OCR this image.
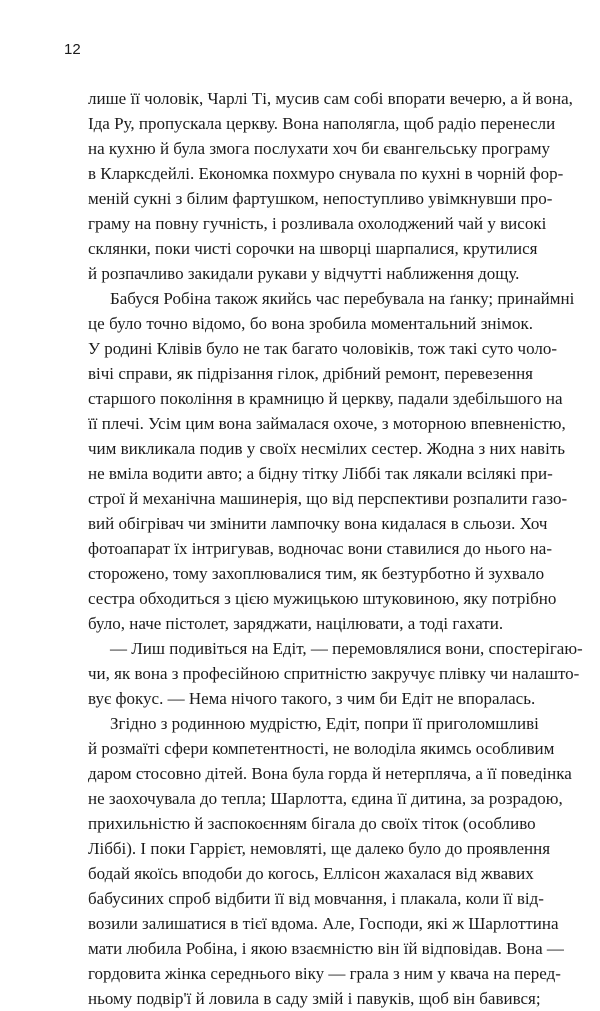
12
лише її чоловік, Чарлі Ті, мусив сам собі впорати вечерю, а й вона,
Іда Ру, пропускала церкву. Вона наполягла, щоб радіо перенесли
на кухню й була змога послухати хоч би євангельську програму
в Кларксдейлі. Економка похмуро снувала по кухні в чорній фор-
меній сукні з білим фартушком, непоступливо увімкнувши про-
граму на повну гучність, і розливала охолоджений чай у високі
склянки, поки чисті сорочки на шворці шарпалися, крутилися
й розпачливо закидали рукави у відчутті наближення дощу.
Бабуся Робіна також якийсь час перебувала на ґанку; принаймні
це було точно відомо, бо вона зробила моментальний знімок.
У родині Клівів було не так багато чоловіків, тож такі суто чоло-
вічі справи, як підрізання гілок, дрібний ремонт, перевезення
старшого покоління в крамницю й церкву, падали здебільшого на
її плечі. Усім цим вона займалася охоче, з моторною впевненістю,
чим викликала подив у своїх несмілих сестер. Жодна з них навіть
не вміла водити авто; а бідну тітку Ліббі так лякали всілякі при-
строї й механічна машинерія, що від перспективи розпалити газо-
вий обігрівач чи змінити лампочку вона кидалася в сльози. Хоч
фотоапарат їх інтригував, водночас вони ставилися до нього на-
сторожено, тому захоплювалися тим, як безтурботно й зухвало
сестра обходиться з цією мужицькою штуковиною, яку потрібно
було, наче пістолет, заряджати, націлювати, а тоді гахати.
— Лиш подивіться на Едіт, — перемовлялися вони, спостерігаю-
чи, як вона з професійною спритністю закручує плівку чи налашто-
вує фокус. — Нема нічого такого, з чим би Едіт не впоралась.
Згідно з родинною мудрістю, Едіт, попри її приголомшливі
й розмаїті сфери компетентності, не володіла якимсь особливим
даром стосовно дітей. Вона була горда й нетерпляча, а її поведінка
не заохочувала до тепла; Шарлотта, єдина її дитина, за розрадою,
прихильністю й заспокоєнням бігала до своїх тіток (особливо
Ліббі). І поки Гаррієт, немовляті, ще далеко було до проявлення
бодай якоїсь вподоби до когось, Еллісон жахалася від жвавих
бабусиних спроб відбити її від мовчання, і плакала, коли її від-
возили залишатися в тієї вдома. Але, Господи, які ж Шарлоттина
мати любила Робіна, і якою взаємністю він їй відповідав. Вона —
гордовита жінка середнього віку — грала з ним у квача на перед-
ньому подвір'ї й ловила в саду змій і павуків, щоб він бавився;
